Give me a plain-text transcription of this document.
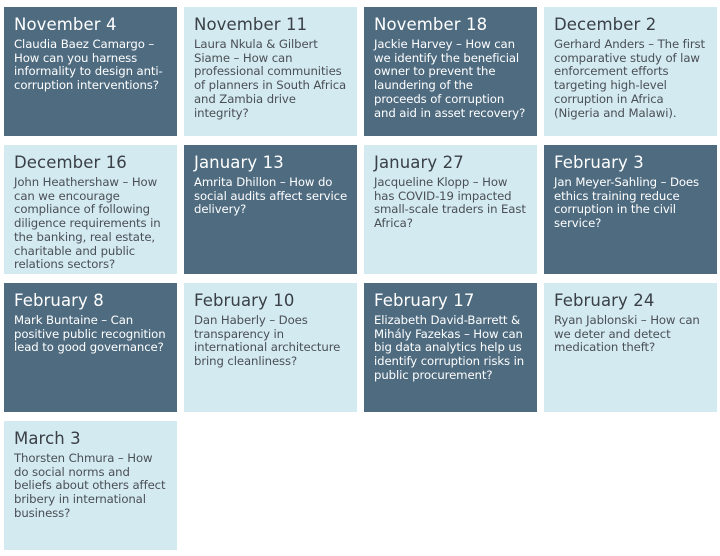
November 4
Claudia Baez Camargo – How can you harness informality to design anti-corruption interventions?
November 11
Laura Nkula & Gilbert Siame – How can professional communities of planners in South Africa and Zambia drive integrity?
November 18
Jackie Harvey – How can we identify the beneficial owner to prevent the laundering of the proceeds of corruption and aid in asset recovery?
December 2
Gerhard Anders – The first comparative study of law enforcement efforts targeting high-level corruption in Africa (Nigeria and Malawi).
December 16
John Heathershaw – How can we encourage compliance of following diligence requirements in the banking, real estate, charitable and public relations sectors?
January 13
Amrita Dhillon – How do social audits affect service delivery?
January 27
Jacqueline Klopp – How has COVID-19 impacted small-scale traders in East Africa?
February 3
Jan Meyer-Sahling – Does ethics training reduce corruption in the civil service?
February 8
Mark Buntaine – Can positive public recognition lead to good governance?
February 10
Dan Haberly – Does transparency in international architecture bring cleanliness?
February 17
Elizabeth David-Barrett & Mihály Fazekas – How can big data analytics help us identify corruption risks in public procurement?
February 24
Ryan Jablonski – How can we deter and detect medication theft?
March 3
Thorsten Chmura – How do social norms and beliefs about others affect bribery in international business?
